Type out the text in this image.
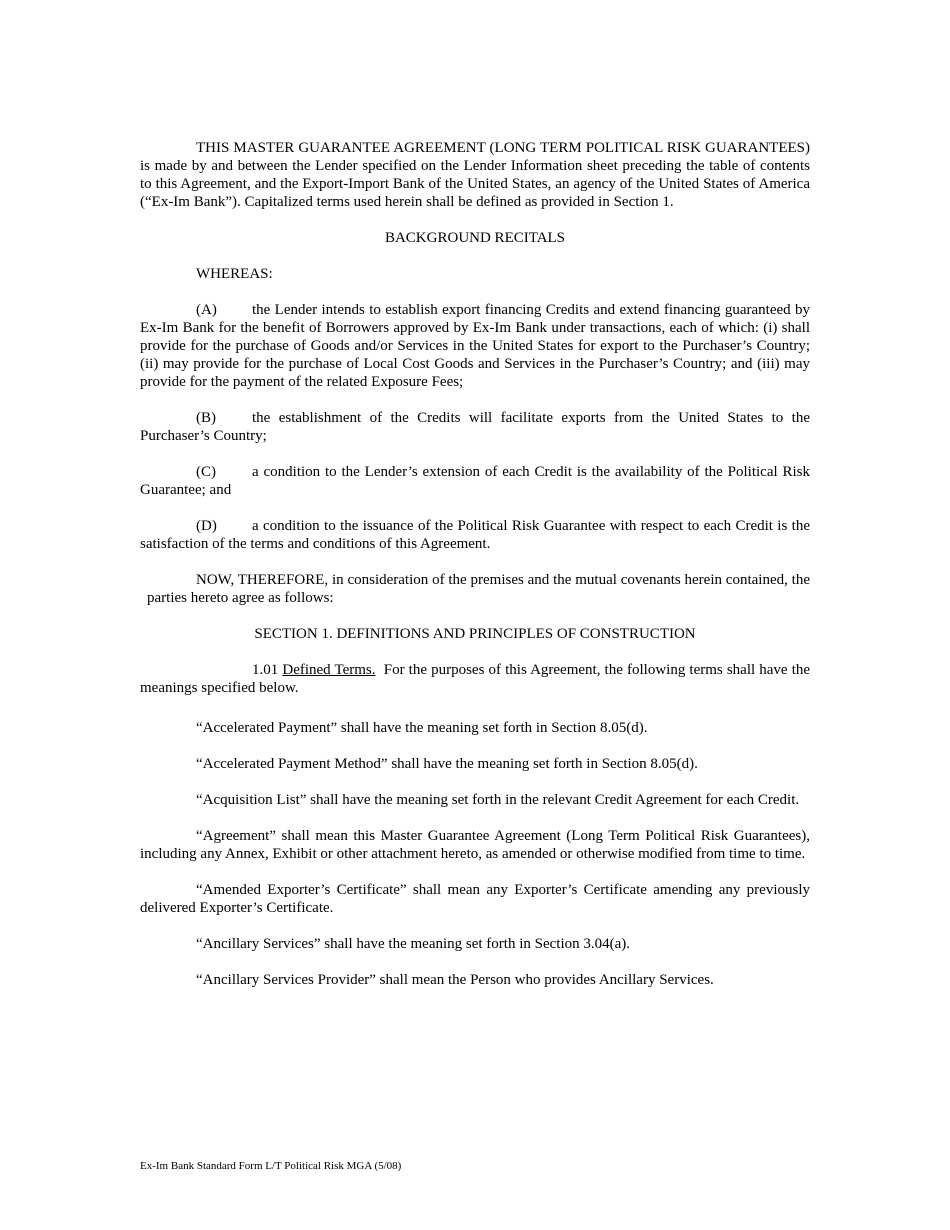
THIS MASTER GUARANTEE AGREEMENT (LONG TERM POLITICAL RISK GUARANTEES) is made by and between the Lender specified on the Lender Information sheet preceding the table of contents to this Agreement, and the Export-Import Bank of the United States, an agency of the United States of America (“Ex-Im Bank”). Capitalized terms used herein shall be defined as provided in Section 1.

BACKGROUND RECITALS

WHEREAS:

(A) the Lender intends to establish export financing Credits and extend financing guaranteed by Ex-Im Bank for the benefit of Borrowers approved by Ex-Im Bank under transactions, each of which: (i) shall provide for the purchase of Goods and/or Services in the United States for export to the Purchaser’s Country; (ii) may provide for the purchase of Local Cost Goods and Services in the Purchaser’s Country; and (iii) may provide for the payment of the related Exposure Fees;

(B) the establishment of the Credits will facilitate exports from the United States to the Purchaser’s Country;

(C) a condition to the Lender’s extension of each Credit is the availability of the Political Risk Guarantee; and

(D) a condition to the issuance of the Political Risk Guarantee with respect to each Credit is the satisfaction of the terms and conditions of this Agreement.

NOW, THEREFORE, in consideration of the premises and the mutual covenants herein contained, the parties hereto agree as follows:

SECTION 1. DEFINITIONS AND PRINCIPLES OF CONSTRUCTION

1.01 Defined Terms. For the purposes of this Agreement, the following terms shall have the meanings specified below.

“Accelerated Payment” shall have the meaning set forth in Section 8.05(d).

“Accelerated Payment Method” shall have the meaning set forth in Section 8.05(d).

“Acquisition List” shall have the meaning set forth in the relevant Credit Agreement for each Credit.

“Agreement” shall mean this Master Guarantee Agreement (Long Term Political Risk Guarantees), including any Annex, Exhibit or other attachment hereto, as amended or otherwise modified from time to time.

“Amended Exporter’s Certificate” shall mean any Exporter’s Certificate amending any previously delivered Exporter’s Certificate.

“Ancillary Services” shall have the meaning set forth in Section 3.04(a).

“Ancillary Services Provider” shall mean the Person who provides Ancillary Services.

Ex-Im Bank Standard Form L/T Political Risk MGA (5/08)
